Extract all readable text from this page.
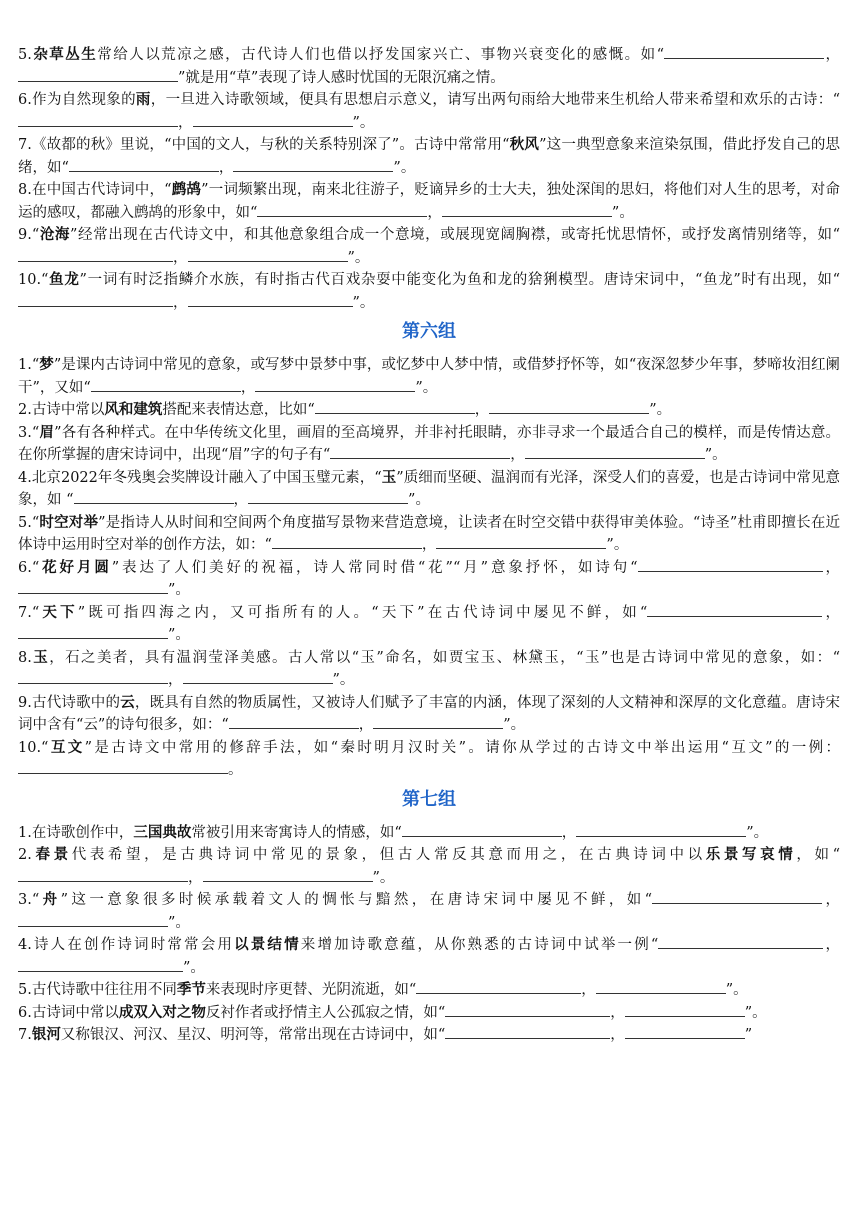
5.杂草丛生常给人以荒凉之感，古代诗人们也借以抒发国家兴亡、事物兴衰变化的感慨。如“	，”就是用“草”表现了诗人感时忧国的无限沉痛之情。

6.作为自然现象的雨，一旦进入诗歌领域，便具有思想启示意义，请写出两句雨给大地带来生机给人带来希望和欢乐的古诗：“，	”。

7.《故都的秋》里说，“中国的文人，与秋的关系特别深了”。古诗中常常用“秋风”这一典型意象来渲染氛围，借此抒发自己的思绪，如“	，	”。

8.在中国古代诗词中，“鹧鸪”一词频繁出现，南来北往游子，贬谪异乡的士大夫，独处深闺的思妇，将他们对人生的思考，对命运的感叹，都融入鹧鸪的形象中，如“	，	”。

9.“沧海”经常出现在古代诗文中，和其他意象组合成一个意境，或展现宽阔胸襟，或寄托忧思情怀，或抒发离情别绪等，如“，	”。

10.“鱼龙”一词有时泛指鳞介水族，有时指古代百戏杂耍中能变化为鱼和龙的猞猁模型。唐诗宋词中，“鱼龙”时有出现，如“，	”。

第六组

1.“梦”是课内古诗词中常见的意象，或写梦中景梦中事，或忆梦中人梦中情，或借梦抒怀等，如“夜深忽梦少年事，梦啼妆泪红阑干”，又如“	，	”。

2.古诗中常以风和建筑搭配来表情达意，比如“	，	”。

3.“眉”各有各种样式。在中华传统文化里，画眉的至高境界，并非衬托眼睛，亦非寻求一个最适合自己的模样，而是传情达意。在你所掌握的唐宋诗词中，出现“眉”字的句子有“	，	”。

4.北京2022年冬残奥会奖牌设计融入了中国玉璧元素，“玉”质细而坚硬、温润而有光泽，深受人们的喜爱，也是古诗词中常见意象，如 “	，	”。

5.“时空对举”是指诗人从时间和空间两个角度描写景物来营造意境，让读者在时空交错中获得审美体验。“诗圣”杜甫即擅长在近体诗中运用时空对举的创作方法，如：“	，	”。

6.“花好月圆”表达了人们美好的祝福，诗人常同时借“花”“月”意象抒怀，如诗句“	，”。

7.“天下”既可指四海之内，又可指所有的人。“天下”在古代诗词中屡见不鲜，如“	，”。

8.玉，石之美者，具有温润莹泽美感。古人常以“玉”命名，如贾宝玉、林黛玉，“玉”也是古诗词中常见的意象，如：“，	”。

9.古代诗歌中的云，既具有自然的物质属性，又被诗人们赋予了丰富的内涵，体现了深刻的人文精神和深厚的文化意蕴。唐诗宋词中含有“云”的诗句很多，如：“	，	”。

10.“互文”是古诗文中常用的修辞手法，如“秦时明月汉时关”。请你从学过的古诗文中举出运用“互文”的一例：。

第七组

1.在诗歌创作中，三国典故常被引用来寄寓诗人的情感，如“	，	”。

2.春景代表希望，是古典诗词中常见的景象，但古人常反其意而用之，在古典诗词中以乐景写哀情，如“，	”。

3.“舟”这一意象很多时候承载着文人的惆怅与黯然，在唐诗宋词中屡见不鲜，如“	，”。

4.诗人在创作诗词时常常会用以景结情来增加诗歌意蕴，从你熟悉的古诗词中试举一例“	，”。

5.古代诗歌中往往用不同季节来表现时序更替、光阴流逝，如“	，	”。

6.古诗词中常以成双入对之物反衬作者或抒情主人公孤寂之情，如“	，	”。

7.银河又称银汉、河汉、星汉、明河等，常常出现在古诗词中，如“	，	”
